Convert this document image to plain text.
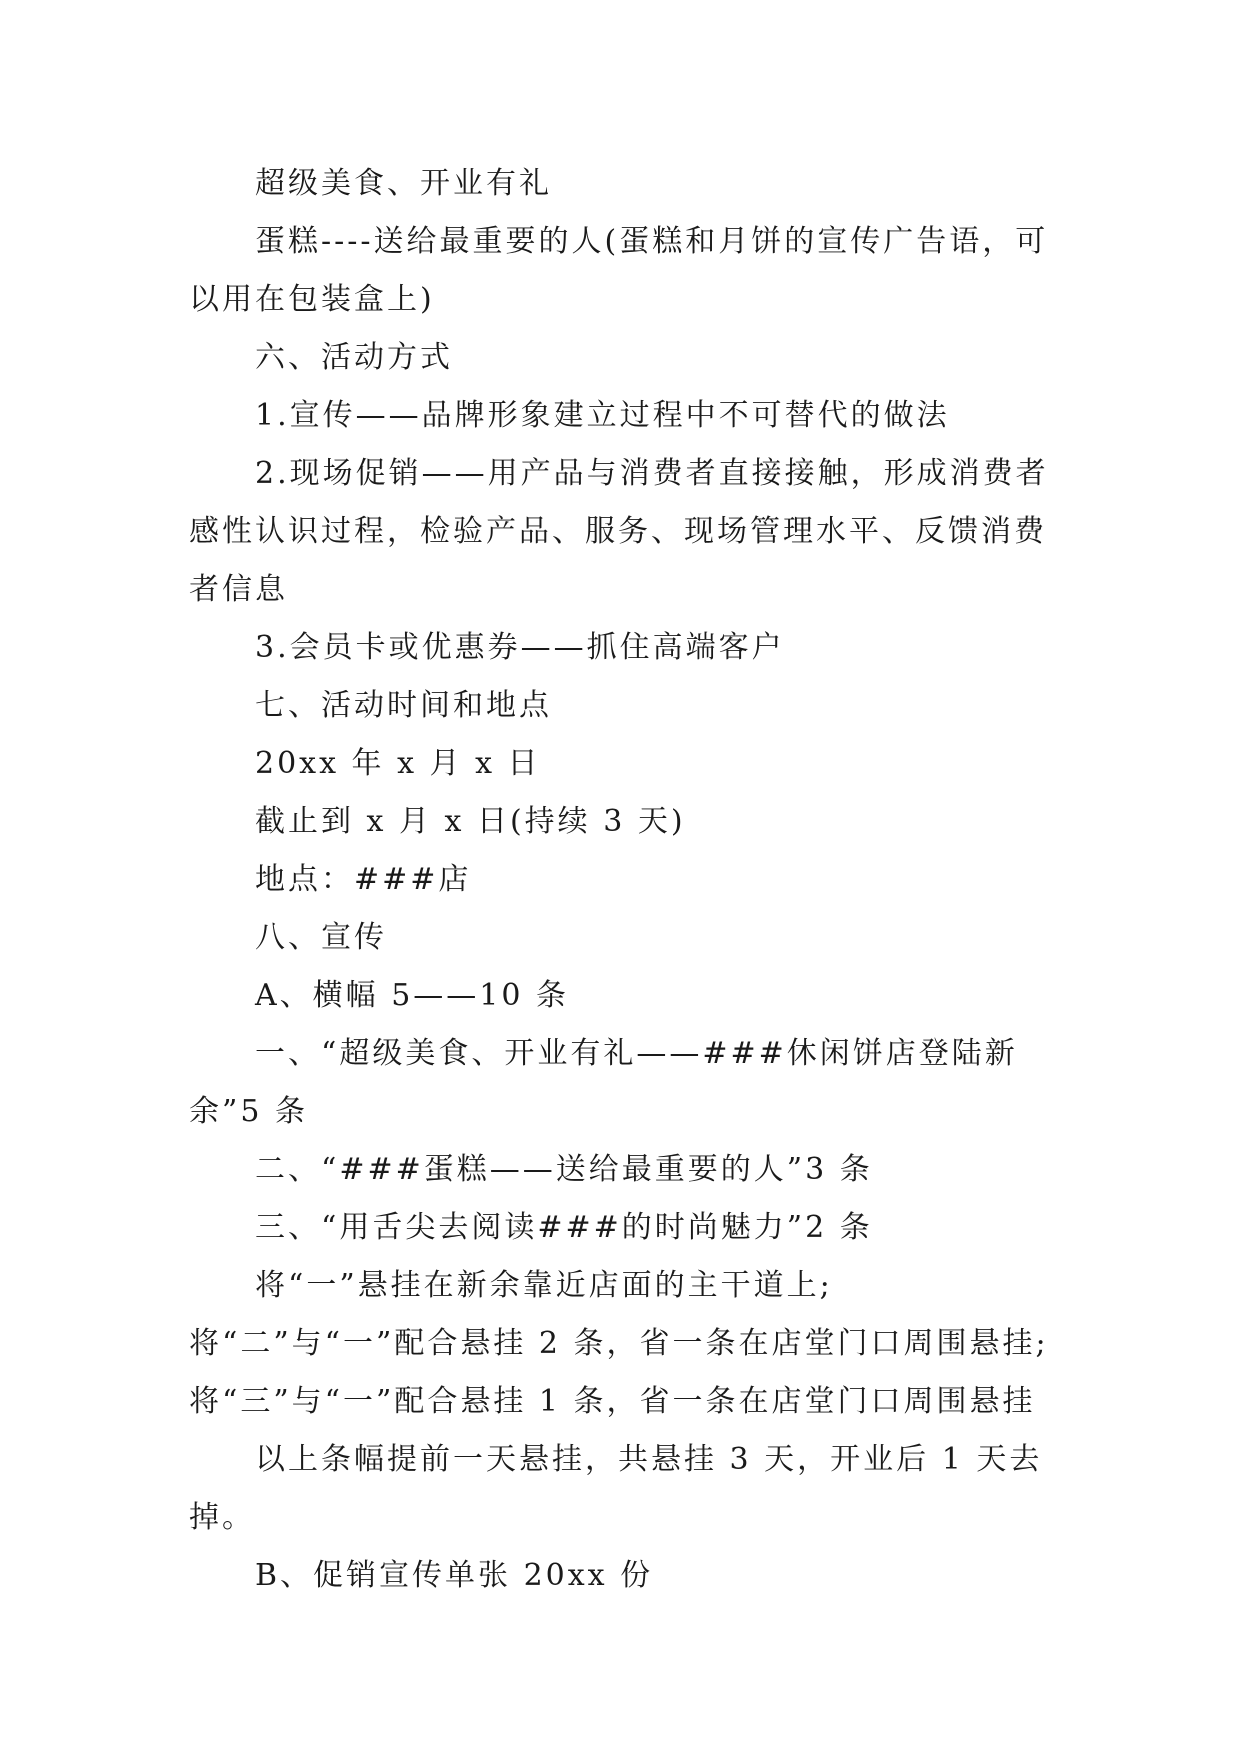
超级美食、开业有礼

蛋糕----送给最重要的人(蛋糕和月饼的宣传广告语，可以用在包装盒上)

六、活动方式

1.宣传——品牌形象建立过程中不可替代的做法

2.现场促销——用产品与消费者直接接触，形成消费者感性认识过程，检验产品、服务、现场管理水平、反馈消费者信息

3.会员卡或优惠券——抓住高端客户

七、活动时间和地点

20xx 年 x 月 x 日

截止到 x 月 x 日(持续 3 天)

地点：###店

八、宣传

A、横幅 5——10 条

一、“超级美食、开业有礼——###休闲饼店登陆新余”5 条

二、“###蛋糕——送给最重要的人”3 条

三、“用舌尖去阅读###的时尚魅力”2 条

将“一”悬挂在新余靠近店面的主干道上;将“二”与“一”配合悬挂 2 条，省一条在店堂门口周围悬挂;将“三”与“一”配合悬挂 1 条，省一条在店堂门口周围悬挂

以上条幅提前一天悬挂，共悬挂 3 天，开业后 1 天去掉。

B、促销宣传单张 20xx 份
